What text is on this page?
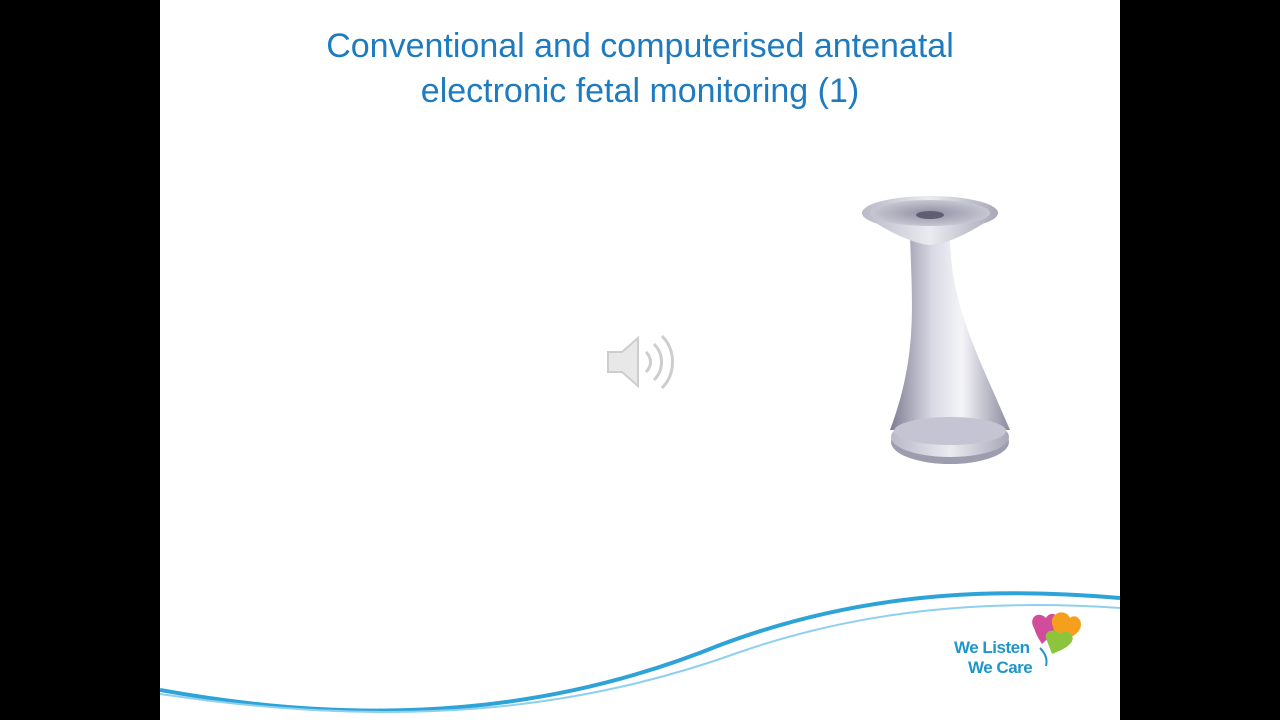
Conventional and computerised antenatal
electronic fetal monitoring (1)
We Listen
We Care
